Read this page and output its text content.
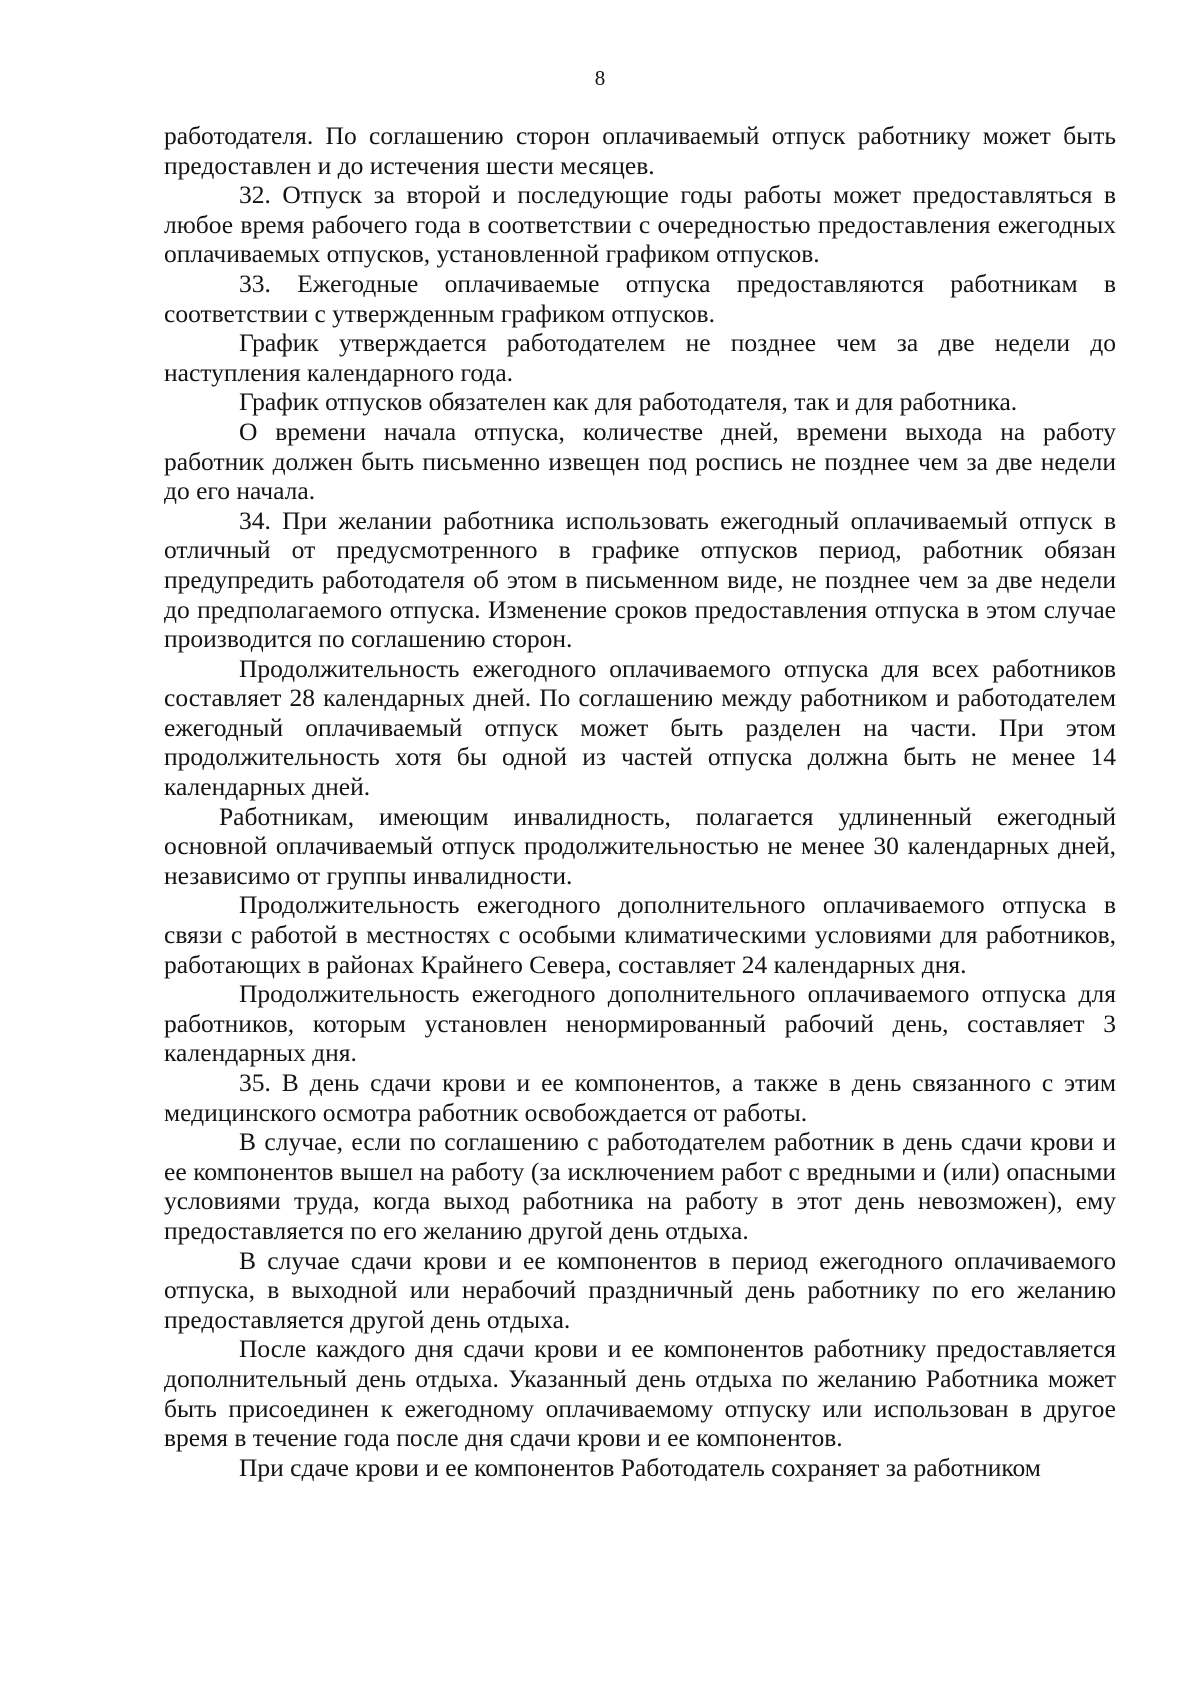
8

работодателя. По соглашению сторон оплачиваемый отпуск работнику может быть предоставлен и до истечения шести месяцев.

32. Отпуск за второй и последующие годы работы может предоставляться в любое время рабочего года в соответствии с очередностью предоставления ежегодных оплачиваемых отпусков, установленной графиком отпусков.

33. Ежегодные оплачиваемые отпуска предоставляются работникам в соответствии с утвержденным графиком отпусков.

График утверждается работодателем не позднее чем за две недели до наступления календарного года.

График отпусков обязателен как для работодателя, так и для работника.

О времени начала отпуска, количестве дней, времени выхода на работу работник должен быть письменно извещен под роспись не позднее чем за две недели до его начала.

34. При желании работника использовать ежегодный оплачиваемый отпуск в отличный от предусмотренного в графике отпусков период, работник обязан предупредить работодателя об этом в письменном виде, не позднее чем за две недели до предполагаемого отпуска. Изменение сроков предоставления отпуска в этом случае производится по соглашению сторон.

Продолжительность ежегодного оплачиваемого отпуска для всех работников составляет 28 календарных дней. По соглашению между работником и работодателем ежегодный оплачиваемый отпуск может быть разделен на части. При этом продолжительность хотя бы одной из частей отпуска должна быть не менее 14 календарных дней.

Работникам, имеющим инвалидность, полагается удлиненный ежегодный основной оплачиваемый отпуск продолжительностью не менее 30 календарных дней, независимо от группы инвалидности.

Продолжительность ежегодного дополнительного оплачиваемого отпуска в связи с работой в местностях с особыми климатическими условиями для работников, работающих в районах Крайнего Севера, составляет 24 календарных дня.

Продолжительность ежегодного дополнительного оплачиваемого отпуска для работников, которым установлен ненормированный рабочий день, составляет 3 календарных дня.

35. В день сдачи крови и ее компонентов, а также в день связанного с этим медицинского осмотра работник освобождается от работы.

В случае, если по соглашению с работодателем работник в день сдачи крови и ее компонентов вышел на работу (за исключением работ с вредными и (или) опасными условиями труда, когда выход работника на работу в этот день невозможен), ему предоставляется по его желанию другой день отдыха.

В случае сдачи крови и ее компонентов в период ежегодного оплачиваемого отпуска, в выходной или нерабочий праздничный день работнику по его желанию предоставляется другой день отдыха.

После каждого дня сдачи крови и ее компонентов работнику предоставляется дополнительный день отдыха. Указанный день отдыха по желанию Работника может быть присоединен к ежегодному оплачиваемому отпуску или использован в другое время в течение года после дня сдачи крови и ее компонентов.

При сдаче крови и ее компонентов Работодатель сохраняет за работником
